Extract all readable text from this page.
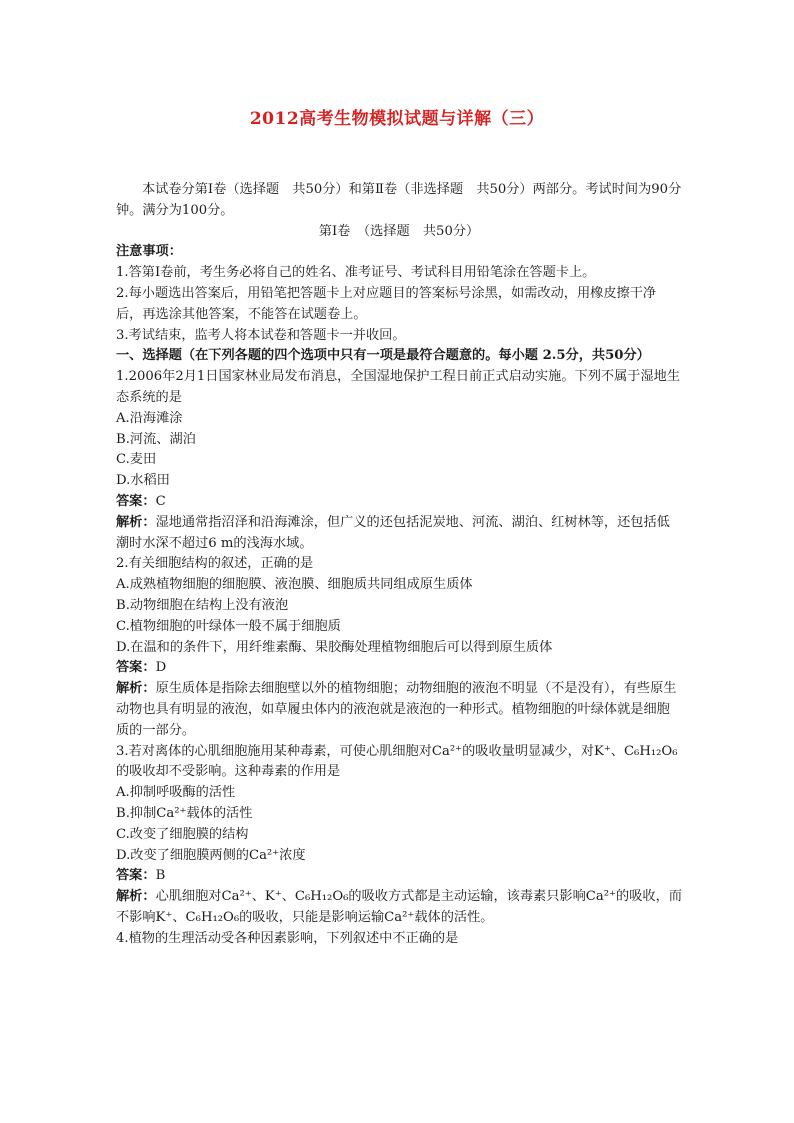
2012高考生物模拟试题与详解（三）

本试卷分第Ⅰ卷（选择题　共50分）和第Ⅱ卷（非选择题　共50分）两部分。考试时间为90分钟。满分为100分。

第Ⅰ卷　（选择题　共50分）

注意事项：

1.答第Ⅰ卷前，考生务必将自己的姓名、准考证号、考试科目用铅笔涂在答题卡上。

2.每小题选出答案后，用铅笔把答题卡上对应题目的答案标号涂黑，如需改动，用橡皮擦干净后，再选涂其他答案，不能答在试题卷上。

3.考试结束，监考人将本试卷和答题卡一并收回。

一、选择题（在下列各题的四个选项中只有一项是最符合题意的。每小题 2.5分，共50分）

1.2006年2月1日国家林业局发布消息，全国湿地保护工程日前正式启动实施。下列不属于湿地生态系统的是

A.沿海滩涂

B.河流、湖泊

C.麦田

D.水稻田

答案：C

解析：湿地通常指沼泽和沿海滩涂，但广义的还包括泥炭地、河流、湖泊、红树林等，还包括低潮时水深不超过6 m的浅海水域。

2.有关细胞结构的叙述，正确的是

A.成熟植物细胞的细胞膜、液泡膜、细胞质共同组成原生质体

B.动物细胞在结构上没有液泡

C.植物细胞的叶绿体一般不属于细胞质

D.在温和的条件下，用纤维素酶、果胶酶处理植物细胞后可以得到原生质体

答案：D

解析：原生质体是指除去细胞壁以外的植物细胞；动物细胞的液泡不明显（不是没有），有些原生动物也具有明显的液泡，如草履虫体内的液泡就是液泡的一种形式。植物细胞的叶绿体就是细胞质的一部分。

3.若对离体的心肌细胞施用某种毒素，可使心肌细胞对Ca²⁺的吸收量明显减少，对K⁺、C₆H₁₂O₆的吸收却不受影响。这种毒素的作用是

A.抑制呼吸酶的活性

B.抑制Ca²⁺载体的活性

C.改变了细胞膜的结构

D.改变了细胞膜两侧的Ca²⁺浓度

答案：B

解析：心肌细胞对Ca²⁺、K⁺、C₆H₁₂O₆的吸收方式都是主动运输，该毒素只影响Ca²⁺的吸收，而不影响K⁺、C₆H₁₂O₆的吸收，只能是影响运输Ca²⁺载体的活性。

4.植物的生理活动受各种因素影响，下列叙述中不正确的是
